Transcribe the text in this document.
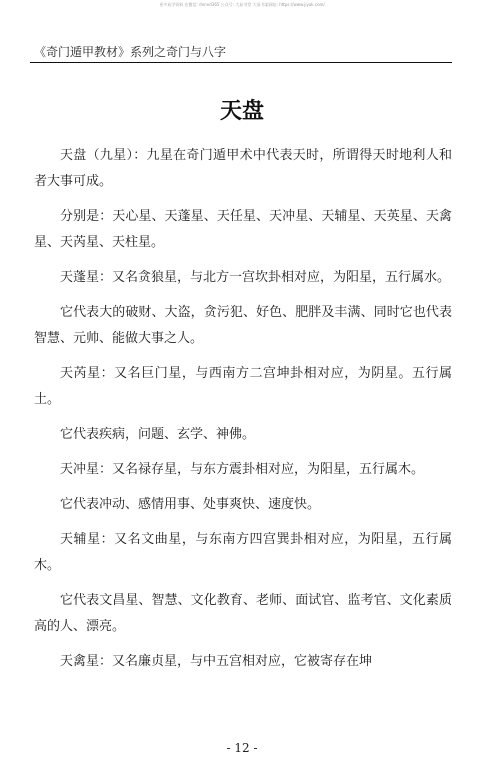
更多易学资料 在微信: dnnnd365 公众号: 大易书堂 大易书架网址: https://www.jiyak.com/
《奇门遁甲教材》系列之奇门与八字
天盘

天盘（九星）：九星在奇门遁甲术中代表天时，所谓得天时地利人和者大事可成。

分别是：天心星、天蓬星、天任星、天冲星、天辅星、天英星、天禽星、天芮星、天柱星。

天蓬星：又名贪狼星，与北方一宫坎卦相对应，为阳星，五行属水。

它代表大的破财、大盗，贪污犯、好色、肥胖及丰满、同时它也代表智慧、元帅、能做大事之人。

天芮星：又名巨门星，与西南方二宫坤卦相对应，为阴星。五行属土。

它代表疾病，问题、玄学、神佛。

天冲星：又名禄存星，与东方震卦相对应，为阳星，五行属木。

它代表冲动、感情用事、处事爽快、速度快。

天辅星：又名文曲星，与东南方四宫巽卦相对应，为阳星，五行属木。

它代表文昌星、智慧、文化教育、老师、面试官、监考官、文化素质高的人、漂亮。

天禽星：又名廉贞星，与中五宫相对应，它被寄存在坤

- 12 -
